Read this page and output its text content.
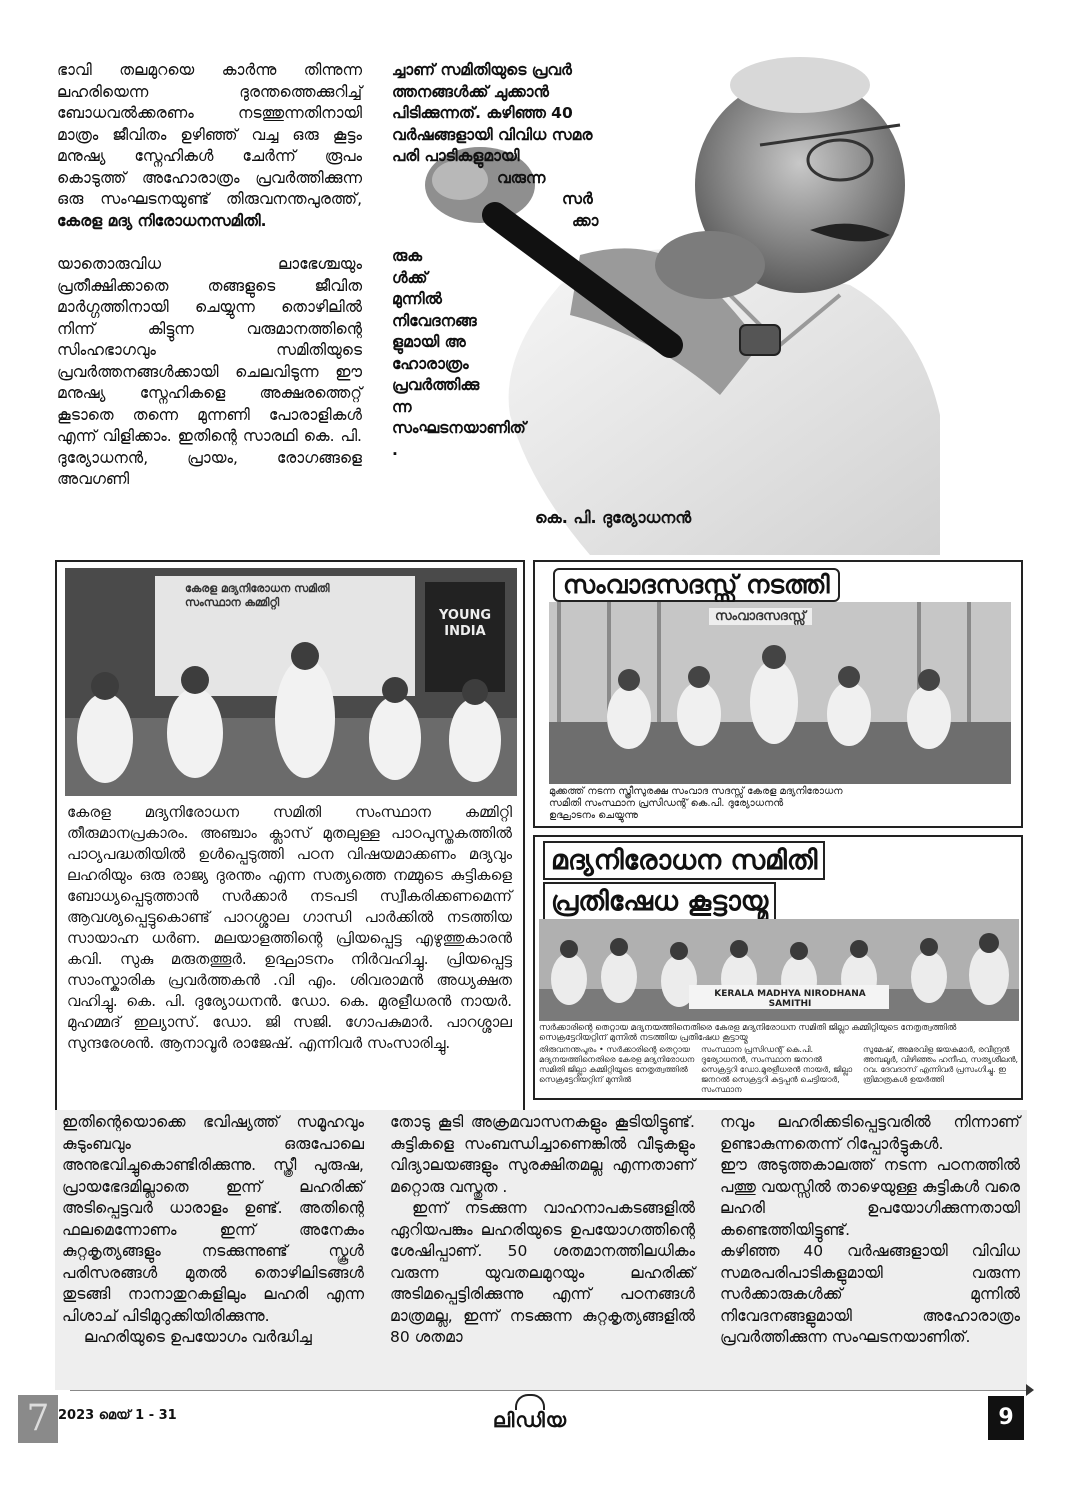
ഭാവി തലമുറയെ കാർന്നു തിന്നുന്ന ലഹരിയെന്ന ദുരന്തത്തെക്കുറിച്ച് ബോധവൽക്കരണം നടത്തുന്നതിനായി മാത്രം ജീവിതം ഉഴിഞ്ഞ് വച്ച ഒരു കൂട്ടം മനുഷ്യ സ്നേഹികൾ ചേർന്ന് രൂപം കൊടുത്ത് അഹോരാത്രം പ്രവർത്തിക്കുന്ന ഒരു സംഘടനയുണ്ട് തിരുവനന്തപുരത്ത്, കേരള മദ്യ നിരോധനസമിതി.

യാതൊരുവിധ ലാഭേശ്ചയും പ്രതീക്ഷിക്കാതെ തങ്ങളുടെ ജീവിത മാർഗ്ഗത്തിനായി ചെയ്യുന്ന തൊഴിലിൽ നിന്ന് കിട്ടുന്ന വരുമാനത്തിന്റെ സിംഹഭാഗവും സമിതിയുടെ പ്രവർത്തനങ്ങൾക്കായി ചെലവിടുന്ന ഈ മനുഷ്യ സ്നേഹികളെ അക്ഷരത്തെറ്റ് കൂടാതെ തന്നെ മുന്നണി പോരാളികൾ എന്ന് വിളിക്കാം. ഇതിന്റെ സാരഥി കെ. പി. ദുര്യോധനൻ, പ്രായം, രോഗങ്ങളെ അവഗണി

ച്ചാണ് സമിതിയുടെ പ്രവർ
ത്തനങ്ങൾക്ക് ചുക്കാൻ
പിടിക്കുന്നത്. കഴിഞ്ഞ 40
വർഷങ്ങളായി വിവിധ സമര
പരി പാടികളുമായി
വരുന്ന
സർ
ക്കാ
രുക
ൾക്ക്
മുന്നിൽ
നിവേദനങ്ങ
ളുമായി അ
ഹോരാത്രം
പ്രവർത്തിക്കു
ന്ന
സംഘടനയാണിത്
.
കെ. പി. ദുര്യോധനൻ
കേരള മദ്യനിരോധന സമിതി സംസ്ഥാന കമ്മിറ്റി
YOUNG INDIA
കേരള മദ്യനിരോധന സമിതി സംസ്ഥാന കമ്മിറ്റി തീരുമാനപ്രകാരം. അഞ്ചാം ക്ലാസ് മുതലുള്ള പാഠപുസ്തകത്തിൽ പാഠ്യപദ്ധതിയിൽ ഉൾപ്പെടുത്തി പഠന വിഷയമാക്കണം മദ്യവും ലഹരിയും ഒരു രാജ്യ ദുരന്തം എന്ന സത്യത്തെ നമ്മുടെ കുട്ടികളെ ബോധ്യപ്പെടുത്താൻ സർക്കാർ നടപടി സ്വീകരിക്കണമെന്ന് ആവശ്യപ്പെട്ടുകൊണ്ട് പാറശ്ശാല ഗാന്ധി പാർക്കിൽ നടത്തിയ സായാഹ്ന ധർണ. മലയാളത്തിന്റെ പ്രിയപ്പെട്ട എഴുത്തുകാരൻ കവി. സുകു മരുതത്തൂർ. ഉദ്ഘാടനം നിർവഹിച്ചു. പ്രിയപ്പെട്ട സാംസ്കാരിക പ്രവർത്തകൻ .വി എം. ശിവരാമൻ അധ്യക്ഷത വഹിച്ചു. കെ. പി. ദുര്യോധനൻ. ഡോ. കെ. മുരളീധരൻ നായർ. മുഹമ്മദ് ഇല്യാസ്. ഡോ. ജി സജി. ഗോപകുമാർ. പാറശ്ശാല സുന്ദരേശൻ. ആനാവൂർ രാജേഷ്. എന്നിവർ സംസാരിച്ചു.
സംവാദസദസ്സ് നടത്തി
സംവാദസദസ്സ്
മുക്കത്ത് നടന്ന സ്ത്രീസുരക്ഷ സംവാദ സദസ്സ് കേരള മദ്യനിരോധന
സമിതി സംസ്ഥാന പ്രസിഡന്റ് കെ.പി. ദുര്യോധനൻ
ഉദ്ഘാടനം ചെയ്യുന്നു
മദ്യനിരോധന സമിതി
പ്രതിഷേധ കൂട്ടായ്മ
KERALA MADHYA NIRODHANA SAMITHI
സർക്കാരിന്റെ തെറ്റായ മദ്യനയത്തിനെതിരെ കേരള മദ്യനിരോധന സമിതി ജില്ലാ കമ്മിറ്റിയുടെ നേതൃത്വത്തിൽ സെക്രട്ടേറിയറ്റിന് മുന്നിൽ നടത്തിയ പ്രതിഷേധ കൂട്ടായ്മ
തിരുവനന്തപുരം • സർക്കാരിന്റെ തെറ്റായ മദ്യനയത്തിനെതിരെ കേരള മദ്യനിരോധന സമിതി ജില്ലാ കമ്മിറ്റിയുടെ നേതൃത്വത്തിൽ സെക്രട്ടേറിയറ്റിന് മുന്നിൽ
സംസ്ഥാന പ്രസിഡന്റ് കെ.പി. ദുര്യോധനൻ, സംസ്ഥാന ജനറൽ സെക്രട്ടറി ഡോ.മുരളീധരൻ നായർ, ജില്ലാ ജനറൽ സെക്രട്ടറി കുട്ടപ്പൻ ചെട്ടിയാർ, സംസ്ഥാന
സുമേഷ്, അമരവിള ജയകുമാർ, രവീന്ദ്രൻ അമ്പലൂർ, വിഴിഞ്ഞം ഹനീഫ, സത്യശീലൻ, റവ. ദേവദാസ് എന്നിവർ പ്രസംഗിച്ചു. ഇ ത്രിമാത്രകൾ ഉയർത്തി

ഇതിന്റെയൊക്കെ ഭവിഷ്യത്ത് സമൂഹവും കുടുംബവും ഒരുപോലെ അനുഭവിച്ചുകൊണ്ടിരിക്കുന്നു. സ്ത്രീ പുരുഷ, പ്രായഭേദമില്ലാതെ ഇന്ന് ലഹരിക്ക് അടിപ്പെട്ടവർ ധാരാളം ഉണ്ട്. അതിന്റെ ഫലമെന്നോണം ഇന്ന് അനേകം കുറ്റകൃത്യങ്ങളും നടക്കുന്നുണ്ട് സ്കൂൾ പരിസരങ്ങൾ മുതൽ തൊഴിലിടങ്ങൾ തുടങ്ങി നാനാതുറകളിലും ലഹരി എന്ന പിശാച് പിടിമുറുക്കിയിരിക്കുന്നു.

ലഹരിയുടെ ഉപയോഗം വർദ്ധിച്ച

തോടു കൂടി അക്രമവാസനകളും കൂടിയിട്ടുണ്ട്. കുട്ടികളെ സംബന്ധിച്ചാണെങ്കിൽ വീടുകളും വിദ്യാലയങ്ങളും സുരക്ഷിതമല്ല എന്നതാണ് മറ്റൊരു വസ്തുത .

ഇന്ന് നടക്കുന്ന വാഹനാപകടങ്ങളിൽ ഏറിയപങ്കും ലഹരിയുടെ ഉപയോഗത്തിന്റെ ശേഷിപ്പാണ്. 50 ശതമാനത്തിലധികം വരുന്ന യുവതലമുറയും ലഹരിക്ക് അടിമപ്പെട്ടിരിക്കുന്നു എന്ന് പഠനങ്ങൾ മാത്രമല്ല, ഇന്ന് നടക്കുന്ന കുറ്റകൃത്യങ്ങളിൽ 80 ശതമാ

നവും ലഹരിക്കടിപ്പെട്ടവരിൽ നിന്നാണ് ഉണ്ടാകുന്നതെന്ന് റിപ്പോർട്ടുകൾ.

ഈ അടുത്തകാലത്ത് നടന്ന പഠനത്തിൽ പത്തു വയസ്സിൽ താഴെയുള്ള കുട്ടികൾ വരെ ലഹരി ഉപയോഗിക്കുന്നതായി കണ്ടെത്തിയിട്ടുണ്ട്.

കഴിഞ്ഞ 40 വർഷങ്ങളായി വിവിധ സമരപരിപാടികളുമായി വരുന്ന സർക്കാരുകൾക്ക് മുന്നിൽ നിവേദനങ്ങളുമായി അഹോരാത്രം പ്രവർത്തിക്കുന്ന സംഘടനയാണിത്.

7 2023 മെയ് 1 - 31	ലിഡിയ	9
